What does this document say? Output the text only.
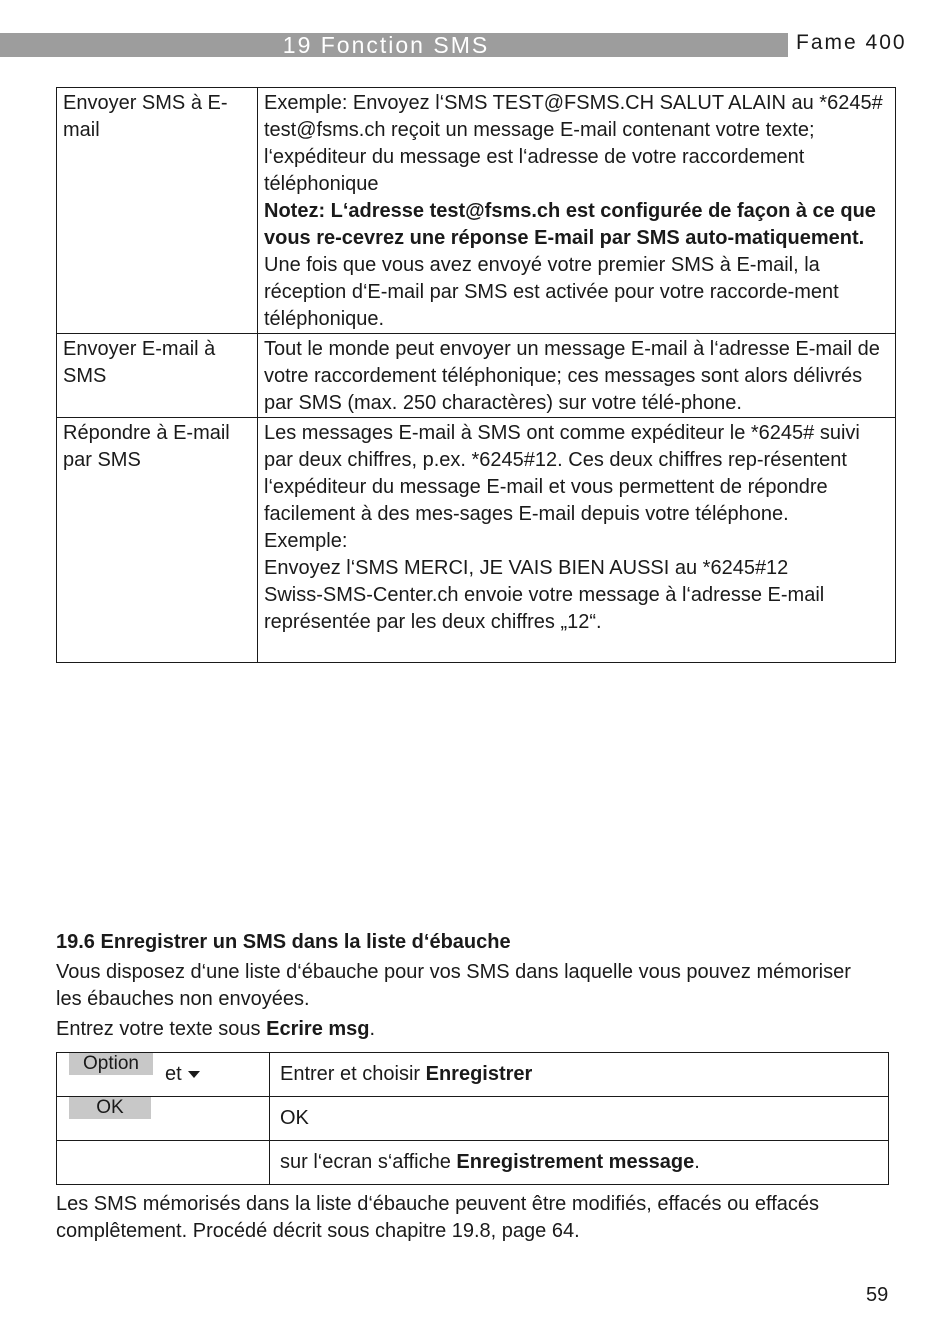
19 Fonction SMS	Fame 400
Envoyer SMS à E-mail	Exemple: Envoyez l‘SMS TEST@FSMS.CH SALUT ALAIN au *6245#
test@fsms.ch reçoit un message E-mail contenant votre texte; l‘expéditeur du message est l‘adresse de votre raccordement téléphonique
Notez: L‘adresse test@fsms.ch est configurée de façon à ce que vous re-cevrez une réponse E-mail par SMS auto-matiquement.
Une fois que vous avez envoyé votre premier SMS à E-mail, la réception d‘E-mail par SMS est activée pour votre raccorde-ment téléphonique.

Envoyer E-mail à SMS	Tout le monde peut envoyer un message E-mail à l‘adresse E-mail de votre raccordement téléphonique; ces messages sont alors délivrés par SMS (max. 250 charactères) sur votre télé-phone.
Répondre à E-mail par SMS	Les messages E-mail à SMS ont comme expéditeur le *6245# suivi par deux chiffres, p.ex. *6245#12. Ces deux chiffres rep-résentent l‘expéditeur du message E-mail et vous permettent de répondre facilement à des mes-sages E-mail depuis votre téléphone.
Exemple:
Envoyez l‘SMS MERCI, JE VAIS BIEN AUSSI au *6245#12
Swiss-SMS-Center.ch envoie votre message à l‘adresse E-mail représentée par les deux chiffres „12“.
19.6 Enregistrer un SMS dans la liste d‘ébauche
Vous disposez d‘une liste d‘ébauche pour vos SMS dans laquelle vous pouvez mémoriser les ébauches non envoyées.
Entrez votre texte sous Ecrire msg.
Option et	Entrer et choisir Enregistrer
OK	OK
	sur l‘ecran s‘affiche Enregistrement message.
Les SMS mémorisés dans la liste d‘ébauche peuvent être modifiés, effacés ou effacés complêtement. Procédé décrit sous chapitre 19.8, page 64.
59
